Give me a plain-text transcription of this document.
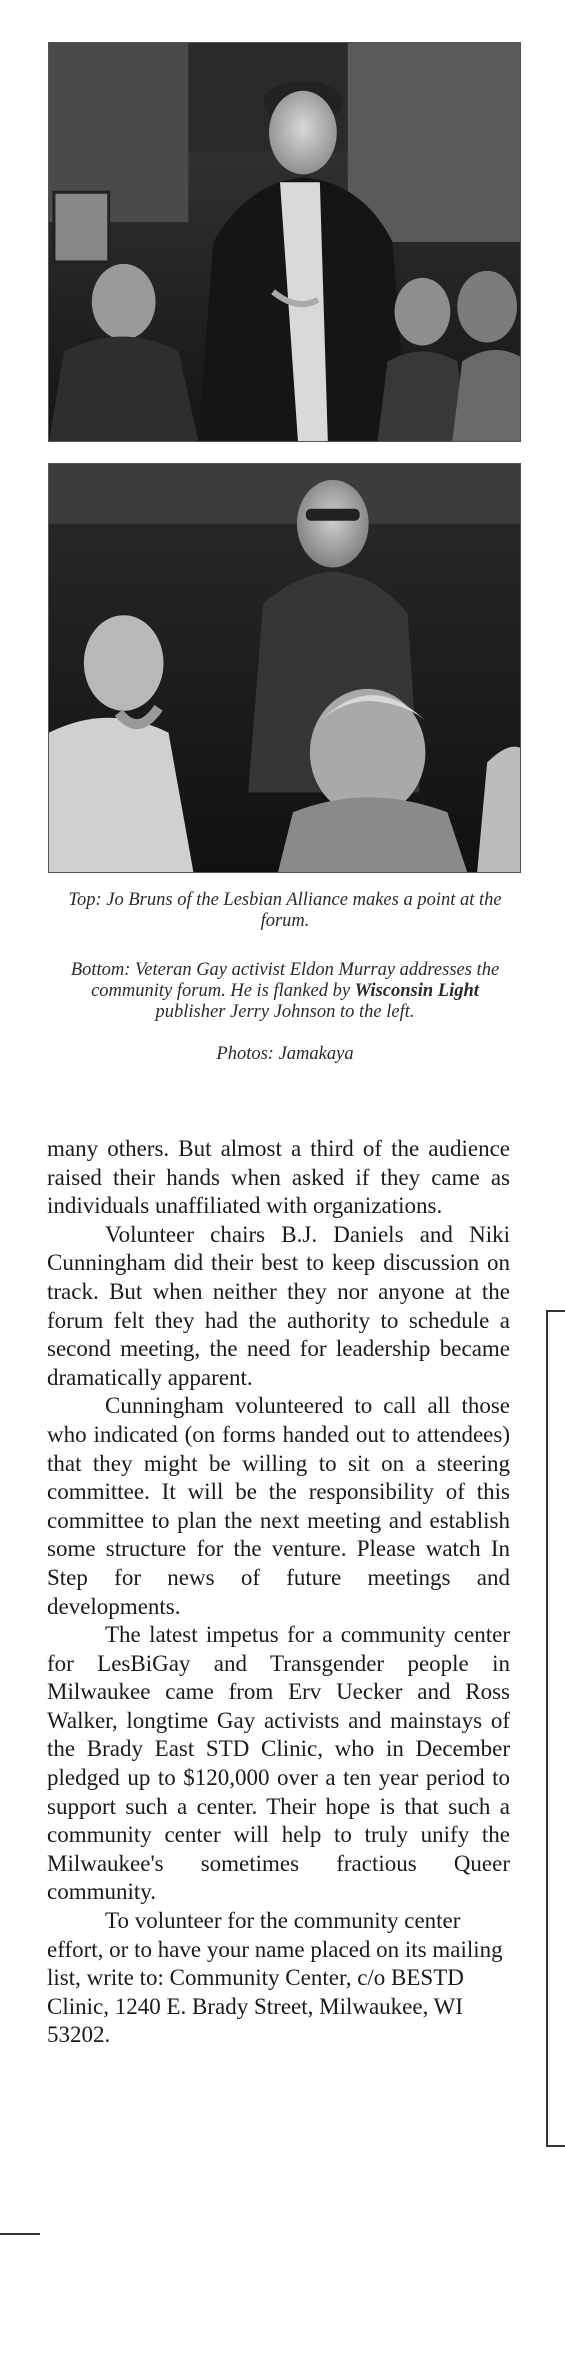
Top: Jo Bruns of the Lesbian Alliance makes a point at the forum.
Bottom: Veteran Gay activist Eldon Murray addresses the community forum. He is flanked by Wisconsin Light publisher Jerry Johnson to the left.
Photos: Jamakaya

many others. But almost a third of the audience raised their hands when asked if they came as individuals unaffiliated with organizations.

Volunteer chairs B.J. Daniels and Niki Cunningham did their best to keep discussion on track. But when neither they nor anyone at the forum felt they had the authority to schedule a second meeting, the need for leadership became dramatically apparent.

Cunningham volunteered to call all those who indicated (on forms handed out to attendees) that they might be willing to sit on a steering committee. It will be the responsibility of this committee to plan the next meeting and establish some structure for the venture. Please watch In Step for news of future meetings and developments.

The latest impetus for a community center for LesBiGay and Transgender people in Milwaukee came from Erv Uecker and Ross Walker, longtime Gay activists and mainstays of the Brady East STD Clinic, who in December pledged up to $120,000 over a ten year period to support such a center. Their hope is that such a community center will help to truly unify the Milwaukee's sometimes fractious Queer community.

To volunteer for the community center effort, or to have your name placed on its mailing list, write to: Community Center, c/o BESTD Clinic, 1240 E. Brady Street, Milwaukee, WI 53202.
